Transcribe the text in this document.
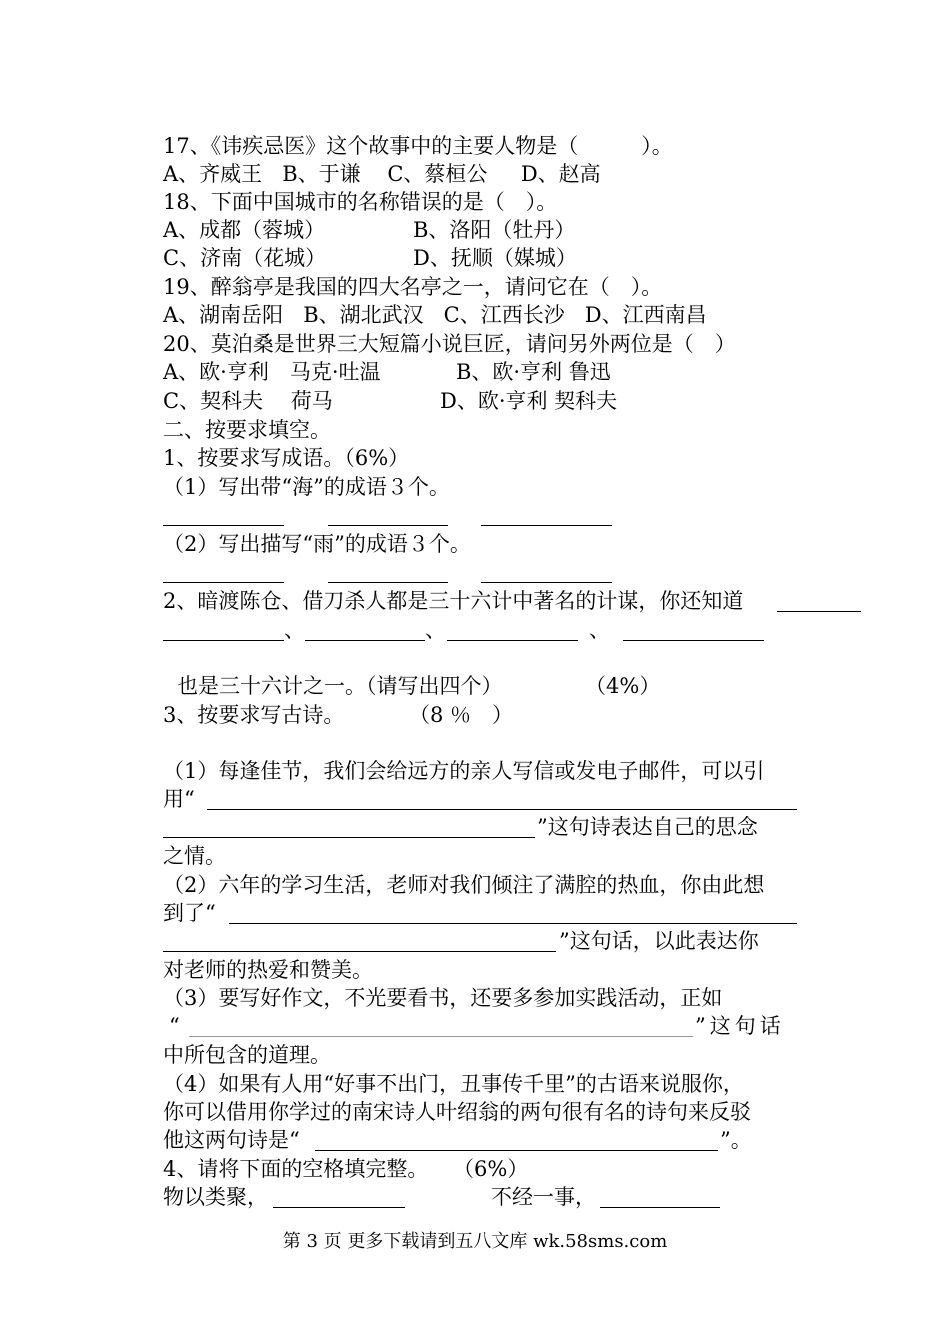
17、《讳疾忌医》这个故事中的主要人物是（　　　）。
A、齐威王 B、于谦 C、蔡桓公 D、赵高
18、下面中国城市的名称错误的是（　）。
A、成都（蓉城）	B、洛阳（牡丹）
C、济南（花城）	D、抚顺（媒城）
19、醉翁亭是我国的四大名亭之一，请问它在（　）。
A、湖南岳阳 B、湖北武汉 C、江西长沙 D、江西南昌
20、莫泊桑是世界三大短篇小说巨匠，请问另外两位是（　）
A、欧·亨利　马克·吐温	B、欧·亨利 鲁迅
C、契科夫　 荷马	D、欧·亨利 契科夫
二、按要求填空。
1、按要求写成语。（6%）
（1）写出带“海”的成语３个。
（2）写出描写“雨”的成语３个。
2、暗渡陈仓、借刀杀人都是三十六计中著名的计谋，你还知道
、	、	、
也是三十六计之一。（请写出四个）	（4%）
3、按要求写古诗。	（8 ％　）
（1）每逢佳节，我们会给远方的亲人写信或发电子邮件，可以引
用“
”这句诗表达自己的思念
之情。
（2）六年的学习生活，老师对我们倾注了满腔的热血，你由此想
到了“
”这句话，以此表达你
对老师的热爱和赞美。
（3）要写好作文，不光要看书，还要多参加实践活动，正如
“	”这句话
中所包含的道理。
（4）如果有人用“好事不出门，丑事传千里”的古语来说服你，
你可以借用你学过的南宋诗人叶绍翁的两句很有名的诗句来反驳
他这两句诗是“	”。
4、请将下面的空格填完整。 （6%）
物以类聚，	不经一事，
第 3 页 更多下载请到五八文库 wk.58sms.com
